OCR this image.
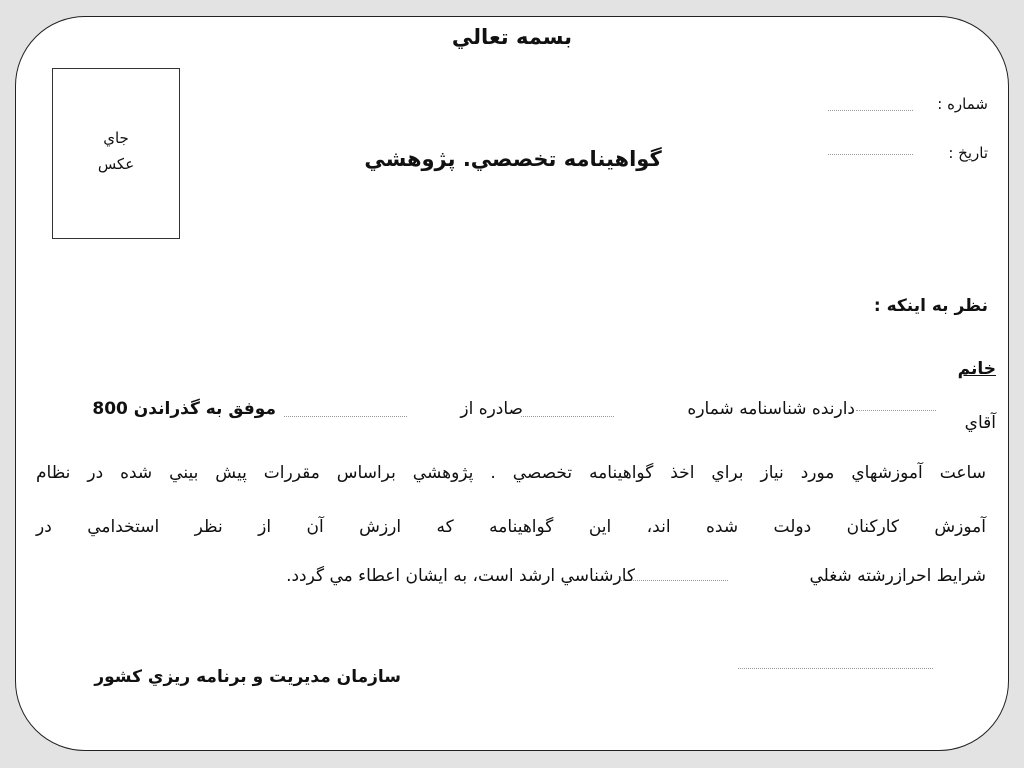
بسمه تعالي
جاي
عكس
شماره :
تاريخ :
گواهينامه تخصصي. پژوهشي
نظر به اينكه :
خانم
آقاي
دارنده شناسنامه شماره
صادره از
موفق به گذراندن 800
ساعت آموزشهاي مورد نياز براي اخذ گواهينامه تخصصي . پژوهشي براساس مقررات پيش بيني شده در نظام
آموزش كاركنان دولت شده اند، اين گواهينامه كه ارزش آن از نظر استخدامي در
شرايط احرازرشته شغلي
كارشناسي ارشد است، به ايشان اعطاء مي گردد.
سازمان مديريت و برنامه ريزي كشور
